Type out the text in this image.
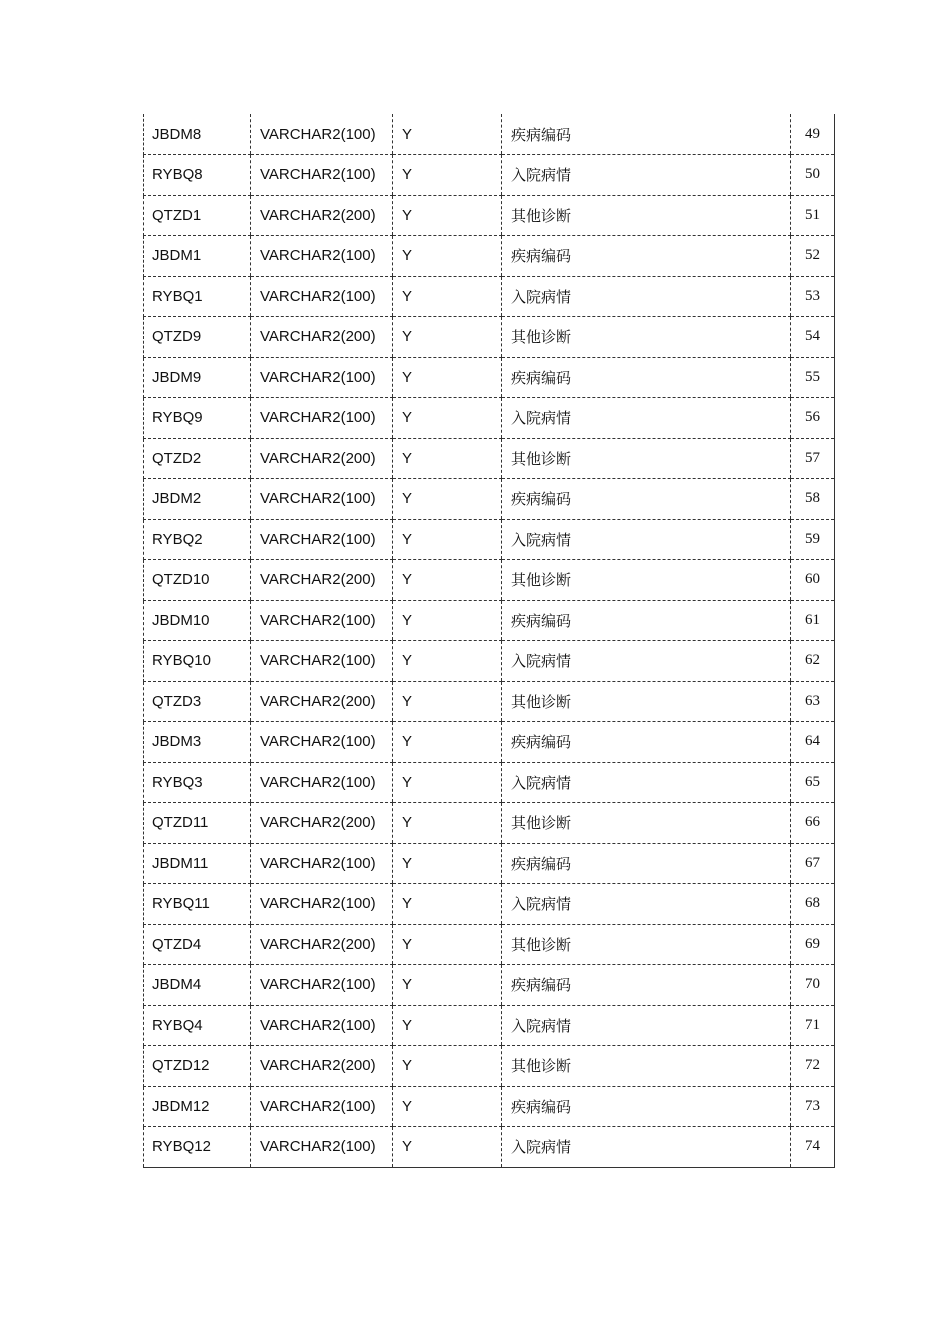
JBDM8	VARCHAR2(100)	Y	疾病编码	49
RYBQ8	VARCHAR2(100)	Y	入院病情	50
QTZD1	VARCHAR2(200)	Y	其他诊断	51
JBDM1	VARCHAR2(100)	Y	疾病编码	52
RYBQ1	VARCHAR2(100)	Y	入院病情	53
QTZD9	VARCHAR2(200)	Y	其他诊断	54
JBDM9	VARCHAR2(100)	Y	疾病编码	55
RYBQ9	VARCHAR2(100)	Y	入院病情	56
QTZD2	VARCHAR2(200)	Y	其他诊断	57
JBDM2	VARCHAR2(100)	Y	疾病编码	58
RYBQ2	VARCHAR2(100)	Y	入院病情	59
QTZD10	VARCHAR2(200)	Y	其他诊断	60
JBDM10	VARCHAR2(100)	Y	疾病编码	61
RYBQ10	VARCHAR2(100)	Y	入院病情	62
QTZD3	VARCHAR2(200)	Y	其他诊断	63
JBDM3	VARCHAR2(100)	Y	疾病编码	64
RYBQ3	VARCHAR2(100)	Y	入院病情	65
QTZD11	VARCHAR2(200)	Y	其他诊断	66
JBDM11	VARCHAR2(100)	Y	疾病编码	67
RYBQ11	VARCHAR2(100)	Y	入院病情	68
QTZD4	VARCHAR2(200)	Y	其他诊断	69
JBDM4	VARCHAR2(100)	Y	疾病编码	70
RYBQ4	VARCHAR2(100)	Y	入院病情	71
QTZD12	VARCHAR2(200)	Y	其他诊断	72
JBDM12	VARCHAR2(100)	Y	疾病编码	73
RYBQ12	VARCHAR2(100)	Y	入院病情	74
